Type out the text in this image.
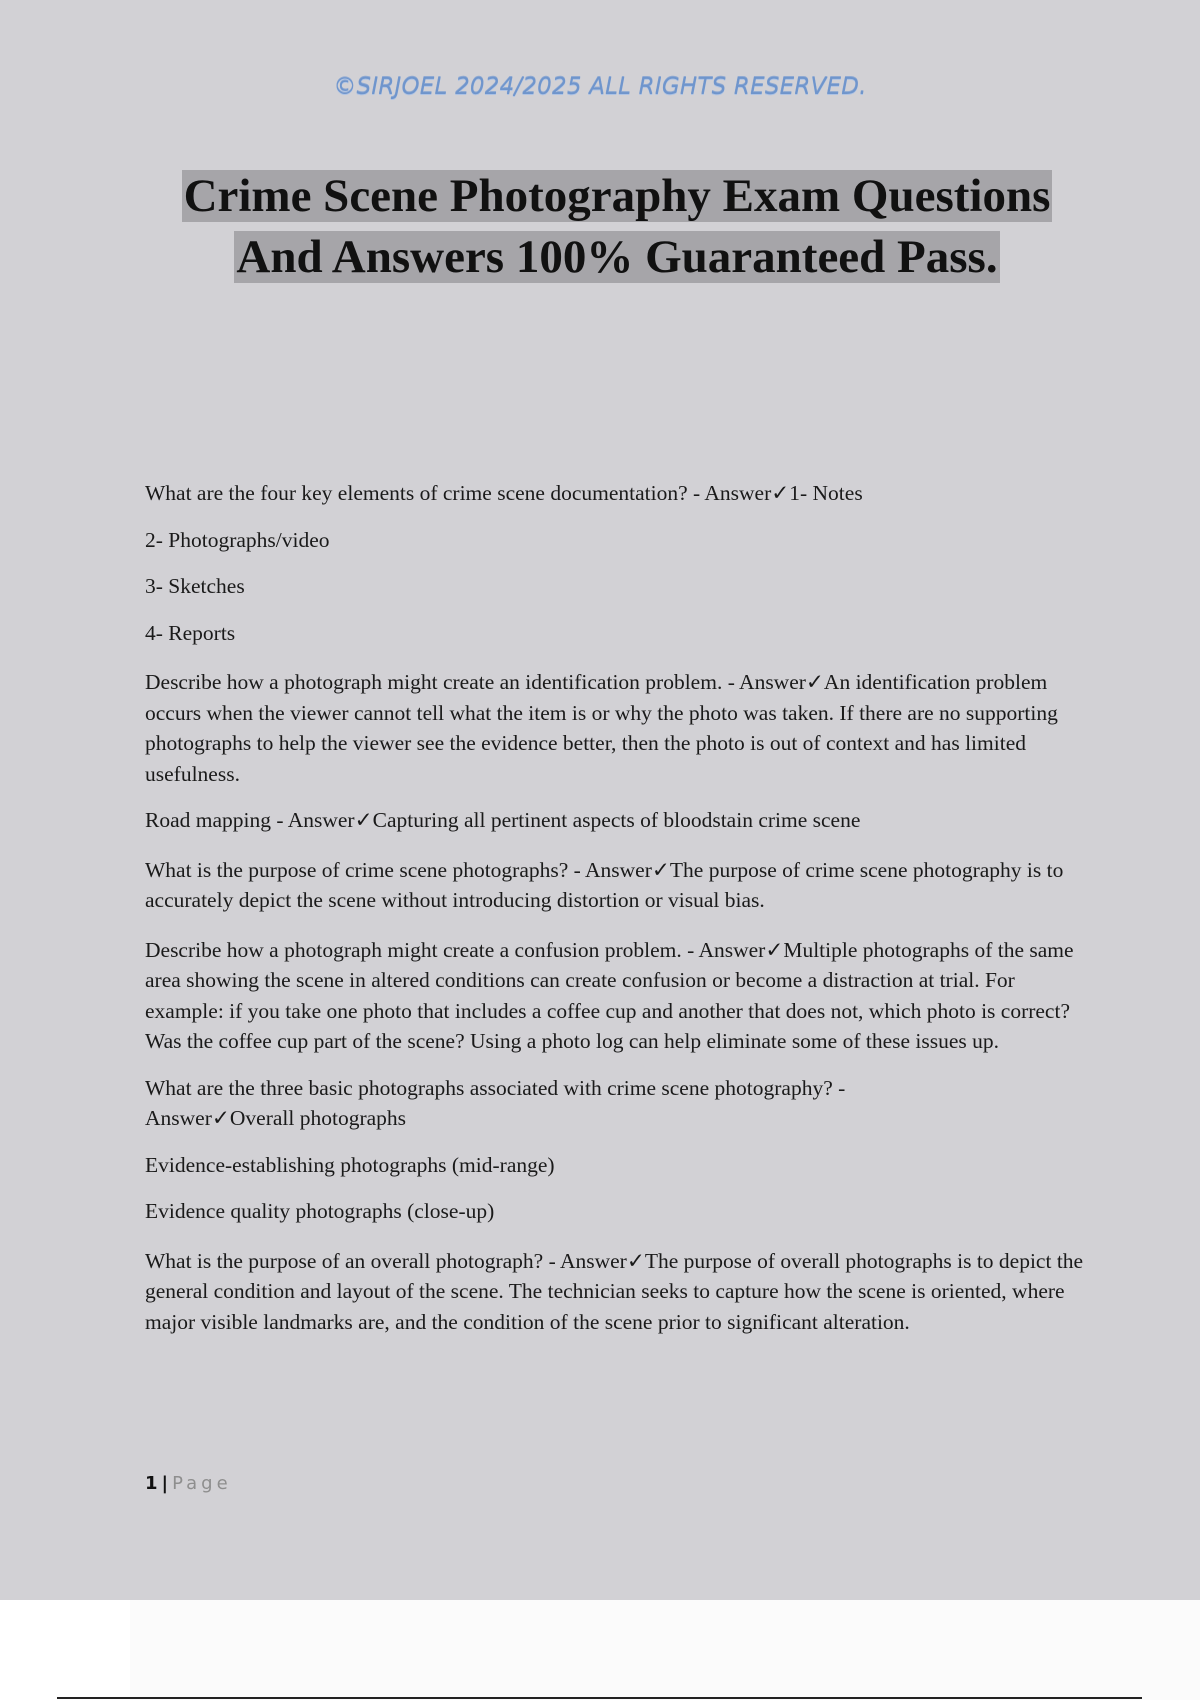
©SIRJOEL 2024/2025 ALL RIGHTS RESERVED.
Crime Scene Photography Exam Questions
And Answers 100% Guaranteed Pass.

What are the four key elements of crime scene documentation? - Answer✓1- Notes

2- Photographs/video

3- Sketches

4- Reports

Describe how a photograph might create an identification problem. - Answer✓An identification problem occurs when the viewer cannot tell what the item is or why the photo was taken. If there are no supporting photographs to help the viewer see the evidence better, then the photo is out of context and has limited usefulness.

Road mapping - Answer✓Capturing all pertinent aspects of bloodstain crime scene

What is the purpose of crime scene photographs? - Answer✓The purpose of crime scene photography is to accurately depict the scene without introducing distortion or visual bias.

Describe how a photograph might create a confusion problem. - Answer✓Multiple photographs of the same area showing the scene in altered conditions can create confusion or become a distraction at trial. For example: if you take one photo that includes a coffee cup and another that does not, which photo is correct? Was the coffee cup part of the scene? Using a photo log can help eliminate some of these issues up.

What are the three basic photographs associated with crime scene photography? -

Answer✓Overall photographs

Evidence-establishing photographs (mid-range)

Evidence quality photographs (close-up)

What is the purpose of an overall photograph? - Answer✓The purpose of overall photographs is to depict the general condition and layout of the scene. The technician seeks to capture how the scene is oriented, where major visible landmarks are, and the condition of the scene prior to significant alteration.

1 | Page
